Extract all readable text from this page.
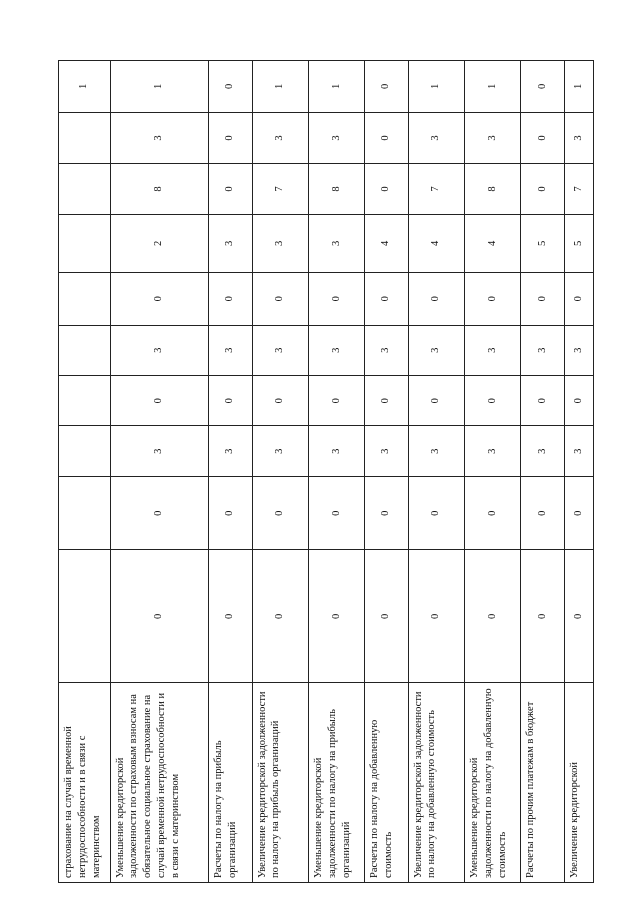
страхование на случай временной нетрудоспособности и в связи с материнством										1
Уменьшение кредиторской задолженности по страховым взносам на обязательное социальное страхование на случай временной нетрудоспособности и в связи с материнством	0	0	3	0	3	0	2	8	3	1
Расчеты по налогу на прибыль организаций	0	0	3	0	3	0	3	0	0	0
Увеличение кредиторской задолженности по налогу на прибыль организаций	0	0	3	0	3	0	3	7	3	1
Уменьшение кредиторской задолженности по налогу на прибыль организаций	0	0	3	0	3	0	3	8	3	1
Расчеты по налогу на добавленную стоимость	0	0	3	0	3	0	4	0	0	0
Увеличение кредиторской задолженности по налогу на добавленную стоимость	0	0	3	0	3	0	4	7	3	1
Уменьшение кредиторской задолженности по налогу на добавленную стоимость	0	0	3	0	3	0	4	8	3	1
Расчеты по прочим платежам в бюджет	0	0	3	0	3	0	5	0	0	0
Увеличение кредиторской	0	0	3	0	3	0	5	7	3	1
